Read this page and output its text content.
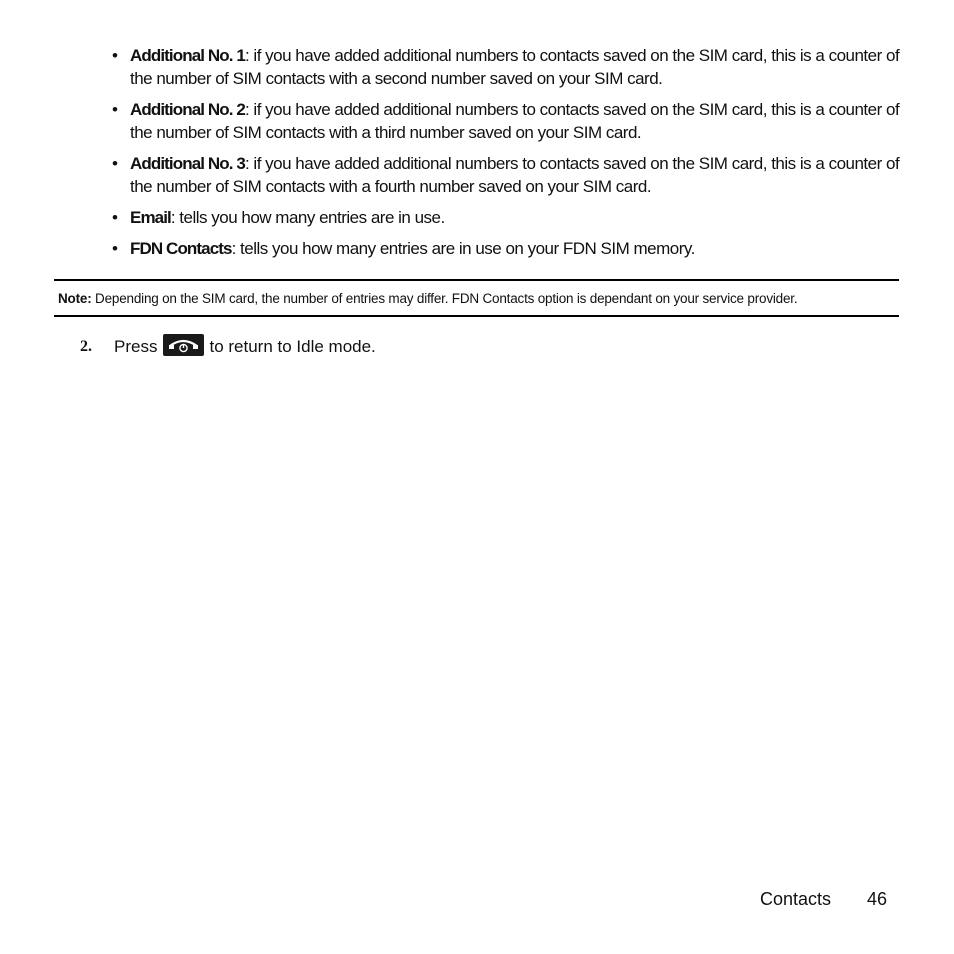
• Additional No. 1: if you have added additional numbers to contacts saved on the SIM card, this is a counter of the number of SIM contacts with a second number saved on your SIM card.
• Additional No. 2: if you have added additional numbers to contacts saved on the SIM card, this is a counter of the number of SIM contacts with a third number saved on your SIM card.
• Additional No. 3: if you have added additional numbers to contacts saved on the SIM card, this is a counter of the number of SIM contacts with a fourth number saved on your SIM card.
• Email: tells you how many entries are in use.
• FDN Contacts: tells you how many entries are in use on your FDN SIM memory.
Note: Depending on the SIM card, the number of entries may differ. FDN Contacts option is dependant on your service provider.
2.	Press	to return to Idle mode.
Contacts 46
